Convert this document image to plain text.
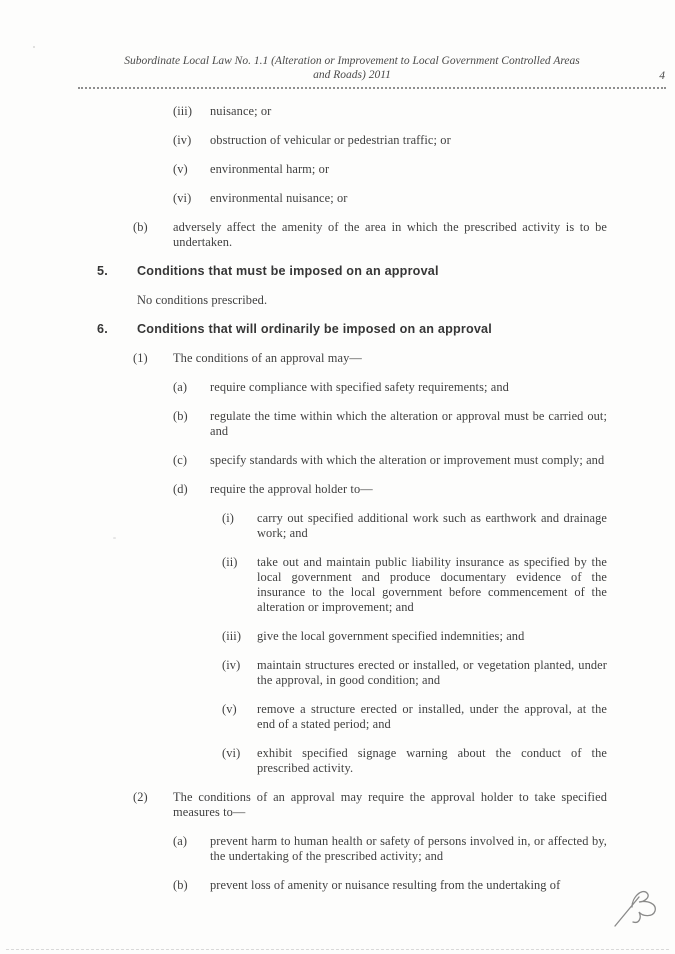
Subordinate Local Law No. 1.1 (Alteration or Improvement to Local Government Controlled Areas
and Roads) 2011	4
(iii)	nuisance; or
(iv)	obstruction of vehicular or pedestrian traffic; or
(v)	environmental harm; or
(vi)	environmental nuisance; or
(b)	adversely affect the amenity of the area in which the prescribed activity is to be undertaken.
5.	Conditions that must be imposed on an approval
No conditions prescribed.
6.	Conditions that will ordinarily be imposed on an approval
(1)	The conditions of an approval may—
(a)	require compliance with specified safety requirements; and
(b)	regulate the time within which the alteration or approval must be carried out; and
(c)	specify standards with which the alteration or improvement must comply; and
(d)	require the approval holder to—
(i)	carry out specified additional work such as earthwork and drainage work; and
(ii)	take out and maintain public liability insurance as specified by the local government and produce documentary evidence of the insurance to the local government before commencement of the alteration or improvement; and
(iii)	give the local government specified indemnities; and
(iv)	maintain structures erected or installed, or vegetation planted, under the approval, in good condition; and
(v)	remove a structure erected or installed, under the approval, at the end of a stated period; and
(vi)	exhibit specified signage warning about the conduct of the prescribed activity.
(2)	The conditions of an approval may require the approval holder to take specified measures to—
(a)	prevent harm to human health or safety of persons involved in, or affected by, the undertaking of the prescribed activity; and
(b)	prevent loss of amenity or nuisance resulting from the undertaking of
